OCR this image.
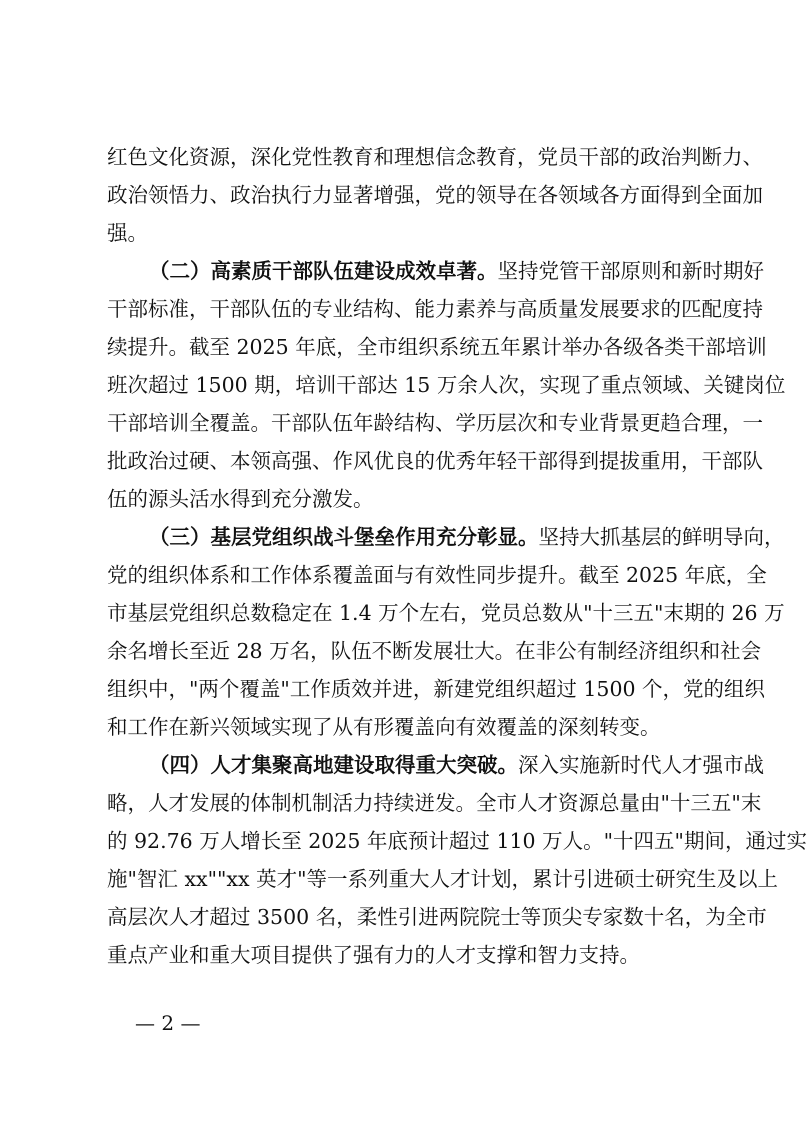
红色文化资源，深化党性教育和理想信念教育，党员干部的政治判断力、
政治领悟力、政治执行力显著增强，党的领导在各领域各方面得到全面加
强。
（二）高素质干部队伍建设成效卓著。坚持党管干部原则和新时期好
干部标准，干部队伍的专业结构、能力素养与高质量发展要求的匹配度持
续提升。截至 2025 年底，全市组织系统五年累计举办各级各类干部培训
班次超过 1500 期，培训干部达 15 万余人次，实现了重点领域、关键岗位
干部培训全覆盖。干部队伍年龄结构、学历层次和专业背景更趋合理，一
批政治过硬、本领高强、作风优良的优秀年轻干部得到提拔重用，干部队
伍的源头活水得到充分激发。
（三）基层党组织战斗堡垒作用充分彰显。坚持大抓基层的鲜明导向，
党的组织体系和工作体系覆盖面与有效性同步提升。截至 2025 年底，全
市基层党组织总数稳定在 1.4 万个左右，党员总数从"十三五"末期的 26 万
余名增长至近 28 万名，队伍不断发展壮大。在非公有制经济组织和社会
组织中，"两个覆盖"工作质效并进，新建党组织超过 1500 个，党的组织
和工作在新兴领域实现了从有形覆盖向有效覆盖的深刻转变。
（四）人才集聚高地建设取得重大突破。深入实施新时代人才强市战
略，人才发展的体制机制活力持续迸发。全市人才资源总量由"十三五"末
的 92.76 万人增长至 2025 年底预计超过 110 万人。"十四五"期间，通过实
施"智汇 xx""xx 英才"等一系列重大人才计划，累计引进硕士研究生及以上
高层次人才超过 3500 名，柔性引进两院院士等顶尖专家数十名，为全市
重点产业和重大项目提供了强有力的人才支撑和智力支持。
— 2 —
